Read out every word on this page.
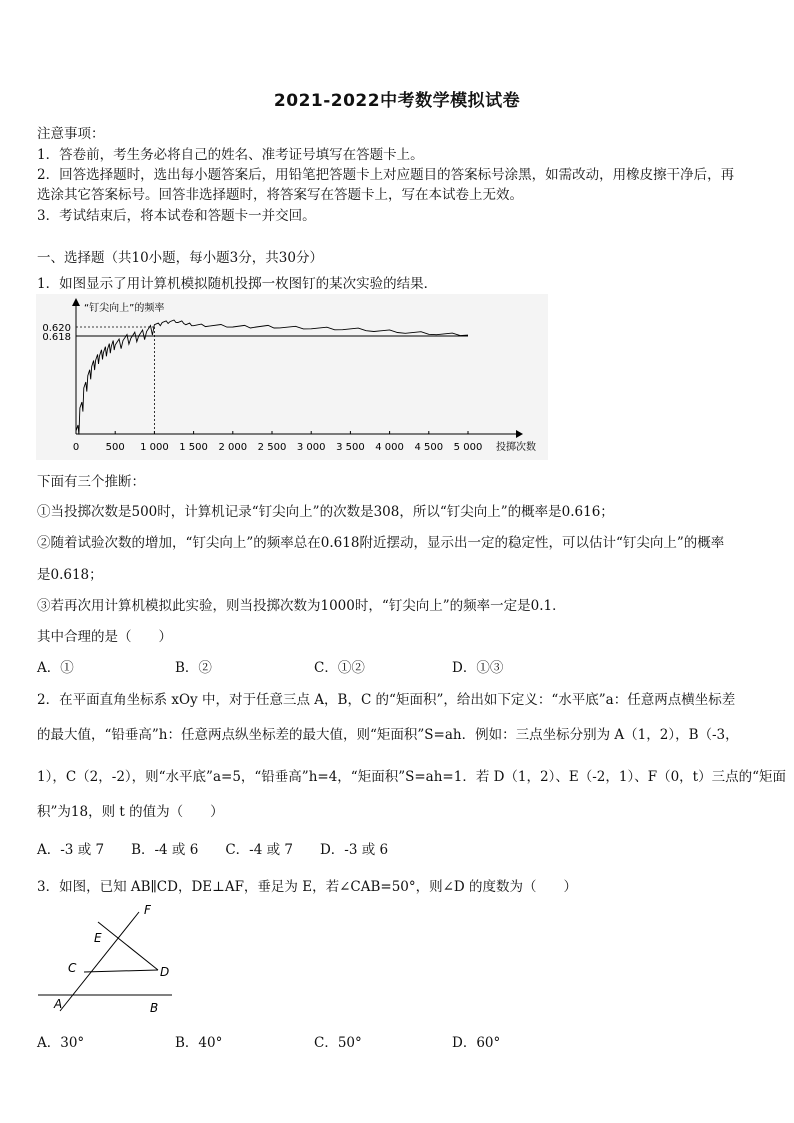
2021-2022中考数学模拟试卷
注意事项：
1．答卷前，考生务必将自己的姓名、准考证号填写在答题卡上。
2．回答选择题时，选出每小题答案后，用铅笔把答题卡上对应题目的答案标号涂黑，如需改动，用橡皮擦干净后，再
选涂其它答案标号。回答非选择题时，将答案写在答题卡上，写在本试卷上无效。
3．考试结束后，将本试卷和答题卡一并交回。
一、选择题（共10小题，每小题3分，共30分）
1．如图显示了用计算机模拟随机投掷一枚图钉的某次实验的结果．
“钉尖向上”的频率
投掷次数
0	500 1 000 1 500 2 000 2 500 3 000 3 500 4 000 4 500 5 000
0.618
0.620
下面有三个推断：
①当投掷次数是500时，计算机记录“钉尖向上”的次数是308，所以“钉尖向上”的概率是0.616；
②随着试验次数的增加，“钉尖向上”的频率总在0.618附近摆动，显示出一定的稳定性，可以估计“钉尖向上”的概率
是0.618；
③若再次用计算机模拟此实验，则当投掷次数为1000时，“钉尖向上”的频率一定是0.1．
其中合理的是（　　）
A．①	B．②	C．①②	D．①③
2．在平面直角坐标系 xOy 中，对于任意三点 A，B，C 的“矩面积”，给出如下定义：“水平底”a：任意两点横坐标差
的最大值，“铅垂高”h：任意两点纵坐标差的最大值，则“矩面积”S=ah．例如：三点坐标分别为 A（1，2），B（-3，
1），C（2，-2），则“水平底”a=5，“铅垂高”h=4，“矩面积”S=ah=1．若 D（1，2）、E（-2，1）、F（0，t）三点的“矩面
积”为18，则 t 的值为（　　）
A．-3 或 7　　B．-4 或 6　　C．-4 或 7　　D．-3 或 6
3．如图，已知 AB∥CD，DE⊥AF，垂足为 E，若∠CAB=50°，则∠D 的度数为（　　）
F
E
C	D
A	B
A．30°	B．40°	C．50°	D．60°
